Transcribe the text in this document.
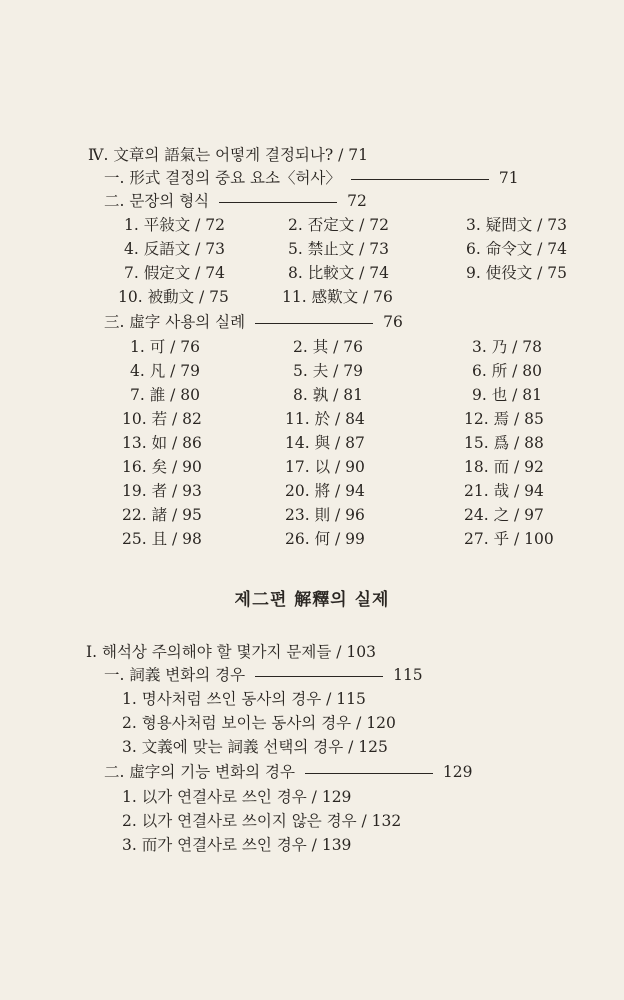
Ⅳ. 文章의 語氣는 어떻게 결정되나? / 71
一. 形式 결정의 중요 요소〈허사〉	71
二. 문장의 형식	72
1. 平敍文 / 72	2. 否定文 / 72	3. 疑問文 / 73
4. 反語文 / 73	5. 禁止文 / 73	6. 命令文 / 74
7. 假定文 / 74	8. 比較文 / 74	9. 使役文 / 75
10. 被動文 / 75	11. 感歎文 / 76
三. 虛字 사용의 실례	76
1. 可 / 76	2. 其 / 76	3. 乃 / 78
4. 凡 / 79	5. 夫 / 79	6. 所 / 80
7. 誰 / 80	8. 孰 / 81	9. 也 / 81
10. 若 / 82	11. 於 / 84	12. 焉 / 85
13. 如 / 86	14. 與 / 87	15. 爲 / 88
16. 矣 / 90	17. 以 / 90	18. 而 / 92
19. 者 / 93	20. 將 / 94	21. 哉 / 94
22. 諸 / 95	23. 則 / 96	24. 之 / 97
25. 且 / 98	26. 何 / 99	27. 乎 / 100
제二편 解釋의 실제
Ⅰ. 해석상 주의해야 할 몇가지 문제들 / 103
一. 詞義 변화의 경우	115
1. 명사처럼 쓰인 동사의 경우 / 115
2. 형용사처럼 보이는 동사의 경우 / 120
3. 文義에 맞는 詞義 선택의 경우 / 125
二. 虛字의 기능 변화의 경우	129
1. 以가 연결사로 쓰인 경우 / 129
2. 以가 연결사로 쓰이지 않은 경우 / 132
3. 而가 연결사로 쓰인 경우 / 139
